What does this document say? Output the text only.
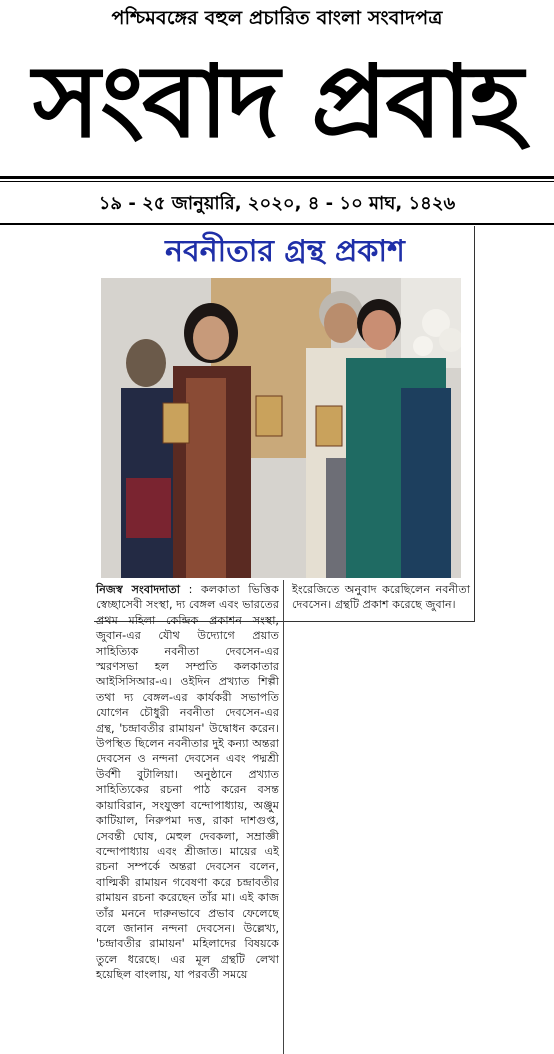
পশ্চিমবঙ্গের বহুল প্রচারিত বাংলা সংবাদপত্র
সংবাদ প্রবাহ
১৯ - ২৫ জানুয়ারি, ২০২০, ৪ - ১০ মাঘ, ১৪২৬
নবনীতার গ্রন্থ প্রকাশ

নিজস্ব সংবাদদাতা : কলকাতা ভিত্তিক স্বেচ্ছাসেবী সংস্থা, দ্য বেঙ্গল এবং ভারতের প্রথম মহিলা কেন্দ্রিক প্রকাশন সংস্থা, জুবান-এর যৌথ উদ্যোগে প্রয়াত সাহিত্যিক নবনীতা দেবসেন-এর স্মরণসভা হল সম্প্রতি কলকাতার আইসিসিআর-এ। ওইদিন প্রখ্যাত শিল্পী তথা দ্য বেঙ্গল-এর কার্যকরী সভাপতি যোগেন চৌধুরী নবনীতা দেবসেন-এর গ্রন্থ, 'চন্দ্রাবতীর রামায়ন' উদ্বোধন করেন। উপস্থিত ছিলেন নবনীতার দুই কন্যা অন্তরা দেবসেন ও নন্দনা দেবসেন এবং পদ্মশ্রী উর্বশী বুটালিয়া। অনুষ্ঠানে প্রখ্যাত সাহিত্যিকের রচনা পাঠ করেন বসন্ত কায়াবিরান, সংযুক্তা বন্দোপাধ্যায়, অঞ্জুম কাটিয়াল, নিরুপমা দত্ত, রাকা দাশগুপ্ত, সেবন্তী ঘোষ, মেহুল দেবকলা, সম্রাজ্ঞী বন্দোপাধ্যায় এবং শ্রীজাত। মায়ের এই রচনা সম্পর্কে অন্তরা দেবসেন বলেন, বাল্মিকী রামায়ন গবেষণা করে চন্দ্রাবতীর রামায়ন রচনা করেছেন তাঁর মা। এই কাজ তাঁর মননে দারুনভাবে প্রভাব ফেলেছে বলে জানান নন্দনা দেবসেন। উল্লেখ্য, 'চন্দ্রাবতীর রামায়ন' মহিলাদের বিষয়কে তুলে ধরেছে। এর মূল গ্রন্থটি লেখা হয়েছিল বাংলায়, যা পরবর্তী সময়ে

ইংরেজিতে অনুবাদ করেছিলেন নবনীতা দেবসেন। গ্রন্থটি প্রকাশ করেছে জুবান।
